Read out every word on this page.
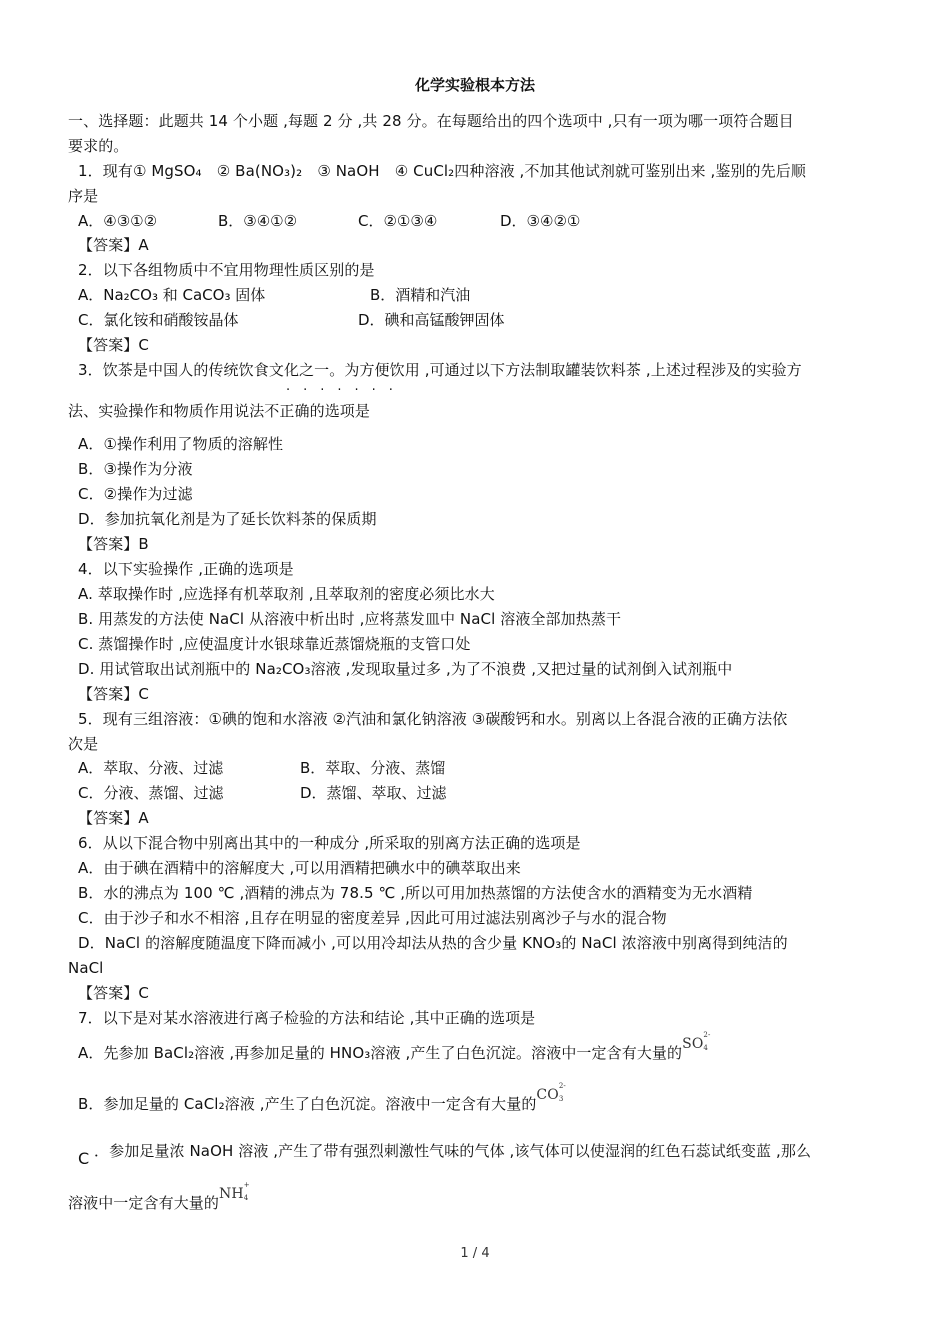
化学实验根本方法
一、选择题：此题共 14 个小题 ,每题 2 分 ,共 28 分。在每题给出的四个选项中 ,只有一项为哪一项符合题目
要求的。
1．现有① MgSO₄　② Ba(NO₃)₂　③ NaOH　④ CuCl₂四种溶液 ,不加其他试剂就可鉴别出来 ,鉴别的先后顺
序是
A．④③①②	B．③④①②	C．②①③④	D．③④②①
【答案】A
2．以下各组物质中不宜用物理性质区别的是
A．Na₂CO₃ 和 CaCO₃ 固体	B．酒精和汽油
C．氯化铵和硝酸铵晶体	D．碘和高锰酸钾固体
【答案】C
3．饮茶是中国人的传统饮食文化之一。为方便饮用 ,可通过以下方法制取罐装饮料茶 ,上述过程涉及的实验方
·······
法、实验操作和物质作用说法不正确的选项是
A．①操作利用了物质的溶解性
B．③操作为分液
C．②操作为过滤
D．参加抗氧化剂是为了延长饮料茶的保质期
【答案】B
4．以下实验操作 ,正确的选项是
A. 萃取操作时 ,应选择有机萃取剂 ,且萃取剂的密度必须比水大
B. 用蒸发的方法使 NaCl 从溶液中析出时 ,应将蒸发皿中 NaCl 溶液全部加热蒸干
C. 蒸馏操作时 ,应使温度计水银球靠近蒸馏烧瓶的支管口处
D. 用试管取出试剂瓶中的 Na₂CO₃溶液 ,发现取量过多 ,为了不浪费 ,又把过量的试剂倒入试剂瓶中
【答案】C
5．现有三组溶液：①碘的饱和水溶液 ②汽油和氯化钠溶液 ③碳酸钙和水。别离以上各混合液的正确方法依
次是
A．萃取、分液、过滤	B．萃取、分液、蒸馏
C．分液、蒸馏、过滤	D．蒸馏、萃取、过滤
【答案】A
6．从以下混合物中别离出其中的一种成分 ,所采取的别离方法正确的选项是
A．由于碘在酒精中的溶解度大 ,可以用酒精把碘水中的碘萃取出来
B．水的沸点为 100 ℃ ,酒精的沸点为 78.5 ℃ ,所以可用加热蒸馏的方法使含水的酒精变为无水酒精
C．由于沙子和水不相溶 ,且存在明显的密度差异 ,因此可用过滤法别离沙子与水的混合物
D．NaCl 的溶解度随温度下降而减小 ,可以用冷却法从热的含少量 KNO₃的 NaCl 浓溶液中别离得到纯洁的
NaCl
【答案】C
7．以下是对某水溶液进行离子检验的方法和结论 ,其中正确的选项是
A．先参加 BaCl₂溶液 ,再参加足量的 HNO₃溶液 ,产生了白色沉淀。溶液中一定含有大量的SO
2-
4
B．参加足量的 CaCl₂溶液 ,产生了白色沉淀。溶液中一定含有大量的CO
2-
3
C ．参加足量浓 NaOH 溶液 ,产生了带有强烈刺激性气味的气体 ,该气体可以使湿润的红色石蕊试纸变蓝 ,那么
溶液中一定含有大量的NH
+
4
1 / 4
